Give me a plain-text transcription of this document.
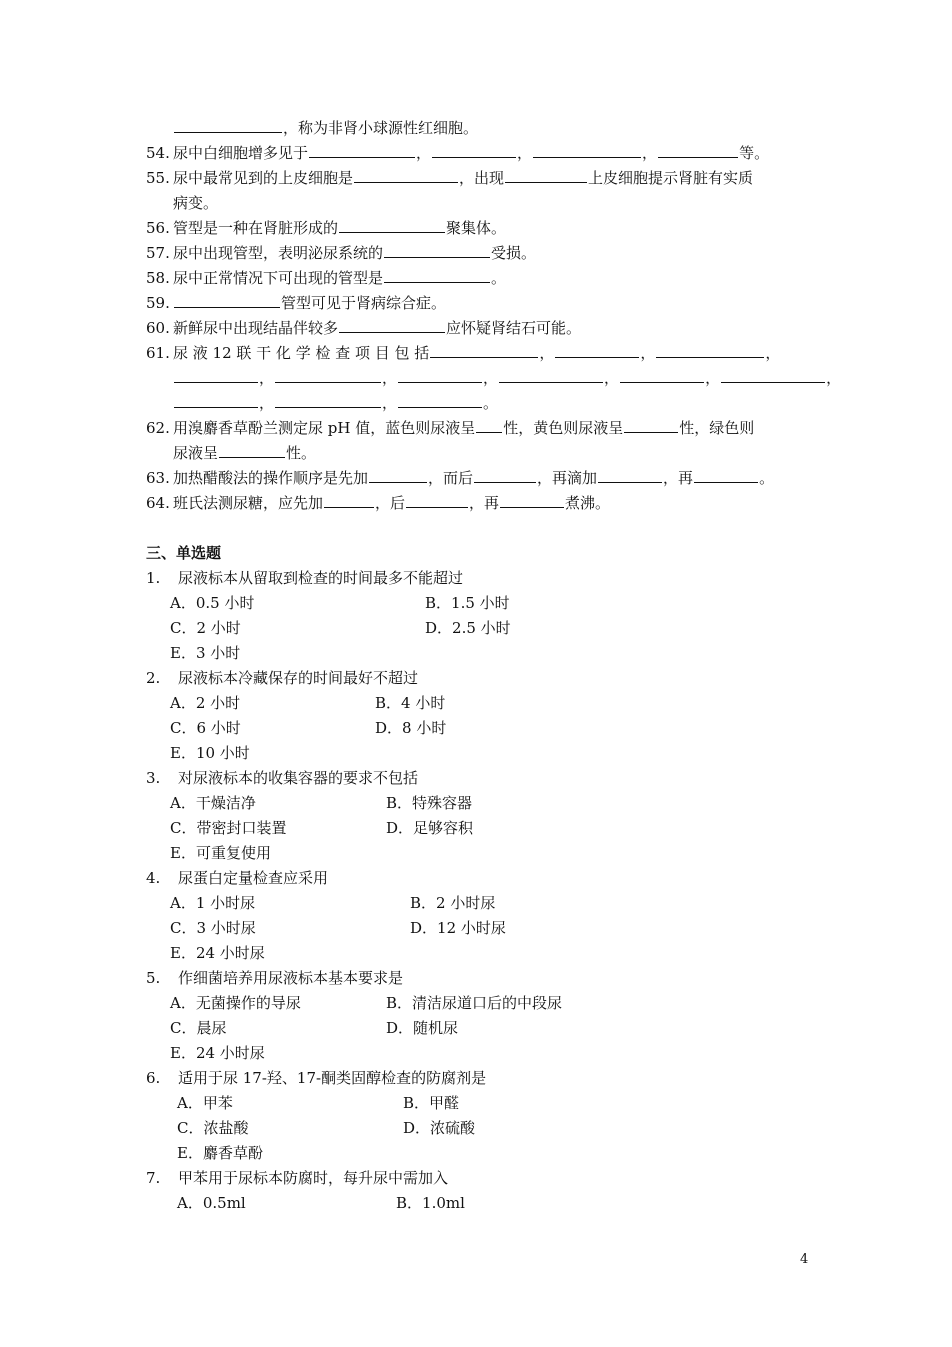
，称为非肾小球源性红细胞。
54. 尿中白细胞增多见于	，	，	，	等。
55. 尿中最常见到的上皮细胞是	，出现	上皮细胞提示肾脏有实质
病变。
56. 管型是一种在肾脏形成的	聚集体。
57. 尿中出现管型，表明泌尿系统的	受损。
58. 尿中正常情况下可出现的管型是	。
59.	管型可见于肾病综合症。
60. 新鲜尿中出现结晶伴较多	应怀疑肾结石可能。
61. 尿 液 12 联 干 化 学 检 查 项 目 包 括	，	，	，
，	，	，	，	，	，
，	，	。
62. 用溴麝香草酚兰测定尿 pH 值，蓝色则尿液呈 性，黄色则尿液呈	性，绿色则
尿液呈	性。
63. 加热醋酸法的操作顺序是先加	，而后	，再滴加	，再	。
64. 班氏法测尿糖，应先加	，后	，再	煮沸。
三、单选题
1. 尿液标本从留取到检查的时间最多不能超过
A．0.5 小时	B．1.5 小时
C．2 小时	D．2.5 小时
E．3 小时
2. 尿液标本冷藏保存的时间最好不超过
A．2 小时	B．4 小时
C．6 小时	D．8 小时
E．10 小时
3. 对尿液标本的收集容器的要求不包括
A．干燥洁净	B．特殊容器
C．带密封口装置	D．足够容积
E．可重复使用
4. 尿蛋白定量检查应采用
A．1 小时尿	B．2 小时尿
C．3 小时尿	D．12 小时尿
E．24 小时尿
5. 作细菌培养用尿液标本基本要求是
A．无菌操作的导尿	B．清洁尿道口后的中段尿
C．晨尿	D．随机尿
E．24 小时尿
6. 适用于尿 17-羟、17-酮类固醇检查的防腐剂是
A．甲苯	B．甲醛
C．浓盐酸	D．浓硫酸
E．麝香草酚
7. 甲苯用于尿标本防腐时，每升尿中需加入
A．0.5ml	B．1.0ml
4
